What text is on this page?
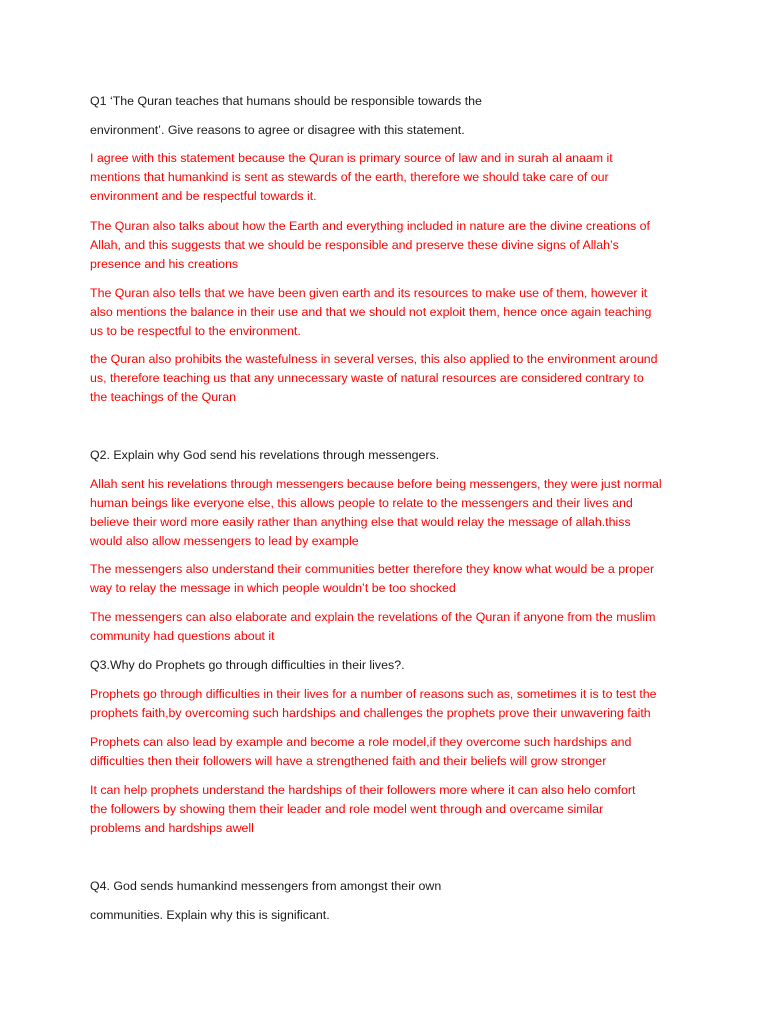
Q1 ‘The Quran teaches that humans should be responsible towards the

environment’. Give reasons to agree or disagree with this statement.

I agree with this statement because the Quran is primary source of law and in surah al anaam it
mentions that humankind is sent as stewards of the earth, therefore we should take care of our
environment and be respectful towards it.

The Quran also talks about how the Earth and everything included in nature are the divine creations of
Allah, and this suggests that we should be responsible and preserve these divine signs of Allah’s
presence and his creations

The Quran also tells that we have been given earth and its resources to make use of them, however it
also mentions the balance in their use and that we should not exploit them, hence once again teaching
us to be respectful to the environment.

the Quran also prohibits the wastefulness in several verses, this also applied to the environment around
us, therefore teaching us that any unnecessary waste of natural resources are considered contrary to
the teachings of the Quran

Q2. Explain why God send his revelations through messengers.

Allah sent his revelations through messengers because before being messengers, they were just normal
human beings like everyone else, this allows people to relate to the messengers and their lives and
believe their word more easily rather than anything else that would relay the message of allah.thiss
would also allow messengers to lead by example

The messengers also understand their communities better therefore they know what would be a proper
way to relay the message in which people wouldn’t be too shocked

The messengers can also elaborate and explain the revelations of the Quran if anyone from the muslim
community had questions about it

Q3.Why do Prophets go through difficulties in their lives?.

Prophets go through difficulties in their lives for a number of reasons such as, sometimes it is to test the
prophets faith,by overcoming such hardships and challenges the prophets prove their unwavering faith

Prophets can also lead by example and become a role model,if they overcome such hardships and
difficulties then their followers will have a strengthened faith and their beliefs will grow stronger

It can help prophets understand the hardships of their followers more where it can also helo comfort
the followers by showing them their leader and role model went through and overcame similar
problems and hardships awell

Q4. God sends humankind messengers from amongst their own

communities. Explain why this is significant.
